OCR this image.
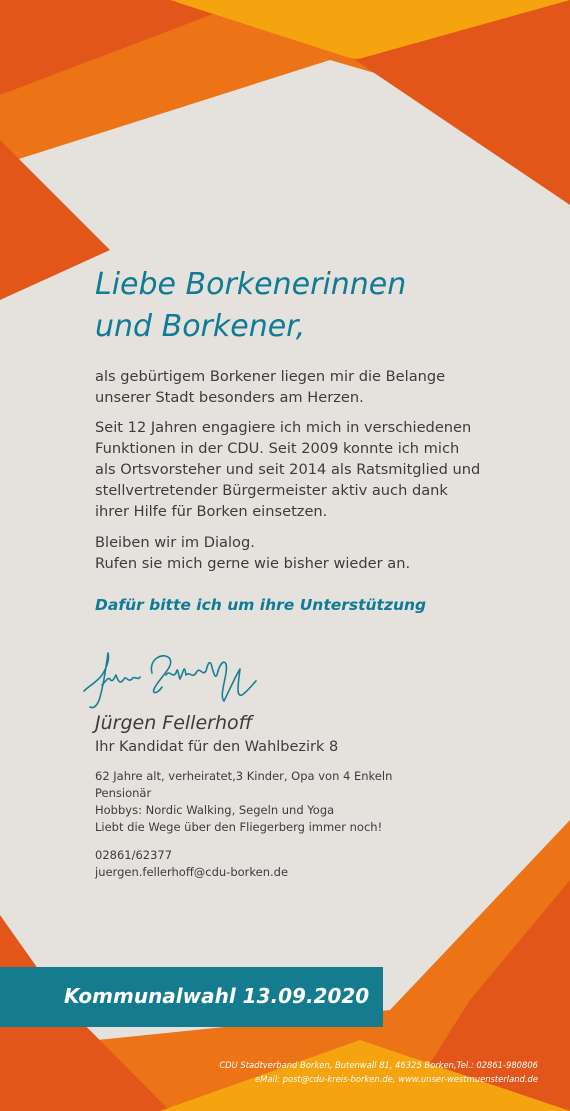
Liebe Borkenerinnen
und Borkener,

als gebürtigem Borkener liegen mir die Belange
unserer Stadt besonders am Herzen.

Seit 12 Jahren engagiere ich mich in verschiedenen
Funktionen in der CDU. Seit 2009 konnte ich mich
als Ortsvorsteher und seit 2014 als Ratsmitglied und
stellvertretender Bürgermeister aktiv auch dank
ihrer Hilfe für Borken einsetzen.

Bleiben wir im Dialog.
Rufen sie mich gerne wie bisher wieder an.

Dafür bitte ich um ihre Unterstützung

Jürgen Fellerhoff

Ihr Kandidat für den Wahlbezirk 8

62 Jahre alt, verheiratet,3 Kinder, Opa von 4 Enkeln
Pensionär
Hobbys: Nordic Walking, Segeln und Yoga
Liebt die Wege über den Fliegerberg immer noch!

02861/62377
juergen.fellerhoff@cdu-borken.de

Kommunalwahl 13.09.2020

CDU Stadtverband Borken, Butenwall 81, 46325 Borken,Tel.: 02861-980806
eMail: post@cdu-kreis-borken.de, www.unser-westmuensterland.de
